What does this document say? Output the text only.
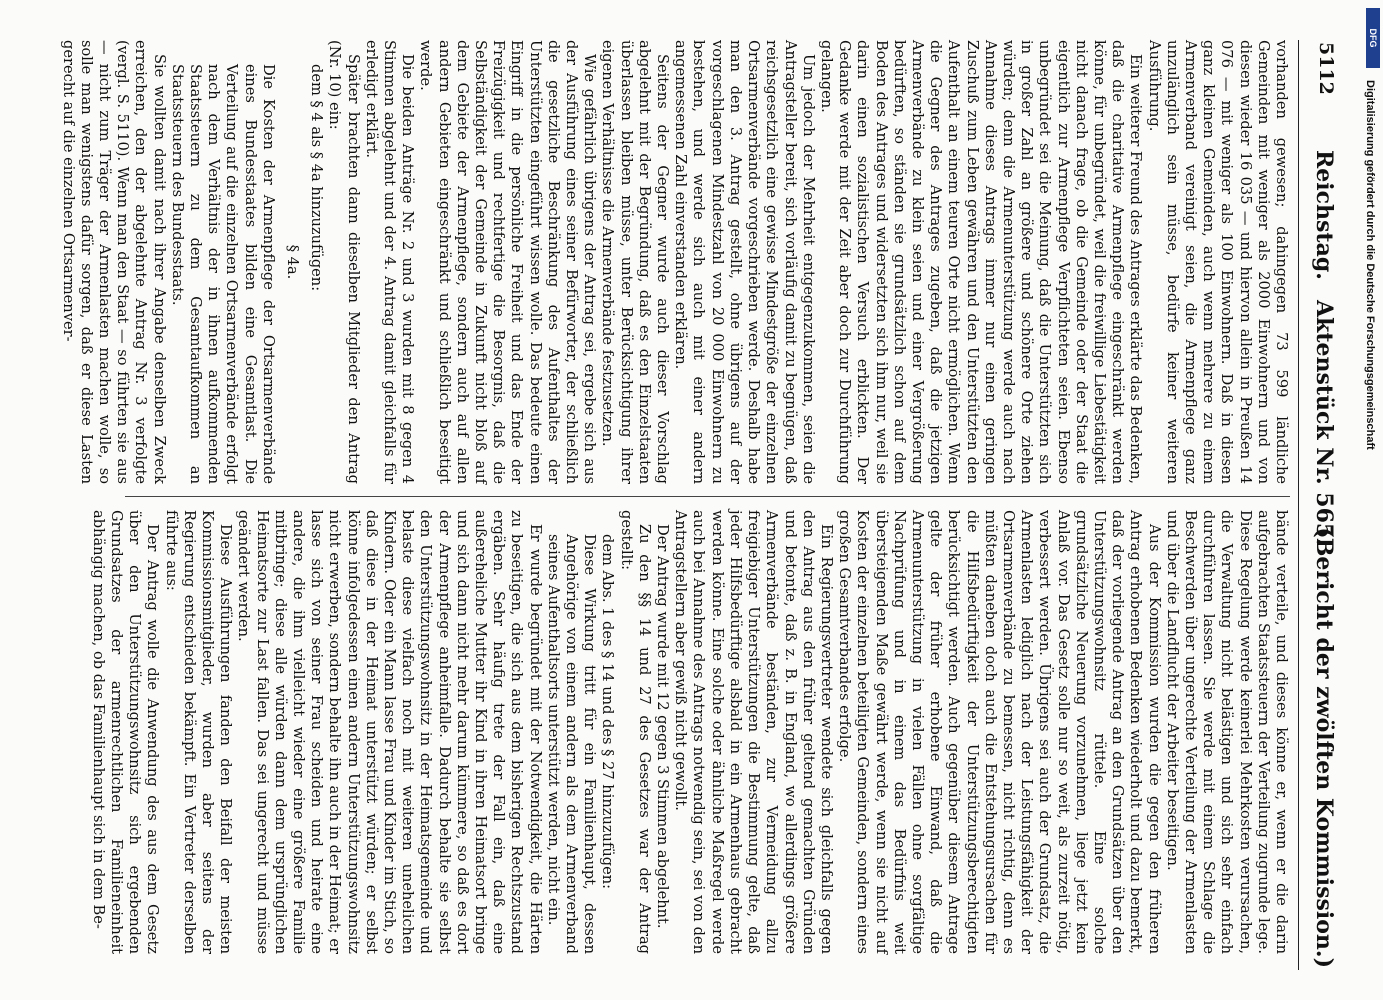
5112
Reichstag.
Aktenstück Nr. 565.
(Bericht der zwölften Kommission.)

vorhanden gewesen; dahingegen 73 599 ländliche Gemeinden mit weniger als 2000 Einwohnern und von diesen wieder 16 035 — und hiervon allein in Preußen 14 076 — mit weniger als 100 Einwohnern. Daß in diesen ganz kleinen Gemeinden, auch wenn mehrere zu einem Armenverband vereinigt seien, die Armenpflege ganz unzulänglich sein müsse, bedürfe keiner weiteren Ausführung.

Ein weiterer Freund des Antrages erklärte das Bedenken, daß die charitative Armenpflege eingeschränkt werden könne, für unbegründet, weil die freiwillige Liebestätigkeit nicht danach frage, ob die Gemeinde oder der Staat die eigentlich zur Armenpflege Verpflichteten seien. Ebenso unbegründet sei die Meinung, daß die Unterstützten sich in großer Zahl an größere und schönere Orte ziehen würden; denn die Armenunterstützung werde auch nach Annahme dieses Antrags immer nur einen geringen Zuschuß zum Leben gewähren und den Unterstützten den Aufenthalt an einem teuren Orte nicht ermöglichen. Wenn die Gegner des Antrages zugeben, daß die jetzigen Armenverbände zu klein seien und einer Vergrößerung bedürften, so ständen sie grundsätzlich schon auf dem Boden des Antrages und widersetzten sich ihm nur, weil sie darin einen sozialistischen Versuch erblickten. Der Gedanke werde mit der Zeit aber doch zur Durchführung gelangen.

Um jedoch der Mehrheit entgegenzukommen, seien die Antragsteller bereit, sich vorläufig damit zu begnügen, daß reichsgesetzlich eine gewisse Mindestgröße der einzelnen Ortsarmenverbände vorgeschrieben werde. Deshalb habe man den 3. Antrag gestellt, ohne übrigens auf der vorgeschlagenen Mindestzahl von 20 000 Einwohnern zu bestehen, und werde sich auch mit einer andern angemessenen Zahl einverstanden erklären.

Seitens der Gegner wurde auch dieser Vorschlag abgelehnt mit der Begründung, daß es den Einzelstaaten überlassen bleiben müsse, unter Berücksichtigung ihrer eigenen Verhältnisse die Armenverbände festzusetzen.

Wie gefährlich übrigens der Antrag sei, ergebe sich aus der Ausführung eines seiner Befürworter, der schließlich die gesetzliche Beschränkung des Aufenthaltes der Unterstützten eingeführt wissen wolle. Das bedeute einen Eingriff in die persönliche Freiheit und das Ende der Freizügigkeit und rechtfertige die Besorgnis, daß die Selbständigkeit der Gemeinde in Zukunft nicht bloß auf dem Gebiete der Armenpflege, sondern auch auf allen andern Gebieten eingeschränkt und schließlich beseitigt werde.

Die beiden Anträge Nr. 2 und 3 wurden mit 8 gegen 4 Stimmen abgelehnt und der 4. Antrag damit gleichfalls für erledigt erklärt.

Später brachten dann dieselben Mitglieder den Antrag (Nr. 10) ein:

dem § 4 als § 4a hinzuzufügen:

§ 4a.

Die Kosten der Armenpflege der Ortsarmenverbände eines Bundesstaates bilden eine Gesamtlast. Die Verteilung auf die einzelnen Ortsarmenverbände erfolgt nach dem Verhältnis der in ihnen aufkommenden Staatssteuern zu dem Gesamtaufkommen an Staatssteuern des Bundesstaats.

Sie wollten damit nach ihrer Angabe denselben Zweck erreichen, den der abgelehnte Antrag Nr. 3 verfolgte (vergl. S. 5110). Wenn man den Staat — so führten sie aus — nicht zum Träger der Armenlasten machen wolle, so solle man wenigstens dafür sorgen, daß er diese Lasten gerecht auf die einzelnen Ortsarmenver-

bände verteile, und dieses könne er, wenn er die darin aufgebrachten Staatssteuern der Verteilung zugrunde lege. Diese Regelung werde keinerlei Mehrkosten verursachen, die Verwaltung nicht belästigen und sich sehr einfach durchführen lassen. Sie werde mit einem Schlage die Beschwerden über ungerechte Verteilung der Armenlasten und über die Landflucht der Arbeiter beseitigen.

Aus der Kommission wurden die gegen den früheren Antrag erhobenen Bedenken wiederholt und dazu bemerkt, daß der vorliegende Antrag an den Grundsätzen über den Unterstützungswohnsitz rüttele. Eine solche grundsätzliche Neuerung vorzunehmen, liege jetzt kein Anlaß vor. Das Gesetz solle nur so weit, als zurzeit nötig, verbessert werden. Übrigens sei auch der Grundsatz, die Armenlasten lediglich nach der Leistungsfähigkeit der Ortsarmenverbände zu bemessen, nicht richtig, denn es müßten daneben doch auch die Entstehungsursachen für die Hilfsbedürftigkeit der Unterstützungsberechtigten berücksichtigt werden. Auch gegenüber diesem Antrage gelte der früher erhobene Einwand, daß die Armenunterstützung in vielen Fällen ohne sorgfältige Nachprüfung und in einem das Bedürfnis weit übersteigenden Maße gewährt werde, wenn sie nicht auf Kosten der einzelnen beteiligten Gemeinden, sondern eines großen Gesamtverbandes erfolge.

Ein Regierungsvertreter wendete sich gleichfalls gegen den Antrag aus den früher geltend gemachten Gründen und betonte, daß z. B. in England, wo allerdings größere Armenverbände beständen, zur Vermeidung allzu freigiebiger Unterstützungen die Bestimmung gelte, daß jeder Hilfsbedürftige alsbald in ein Armenhaus gebracht werden könne. Eine solche oder ähnliche Maßregel werde auch bei Annahme des Antrags notwendig sein, sei von den Antragstellern aber gewiß nicht gewollt.

Der Antrag wurde mit 12 gegen 3 Stimmen abgelehnt.

Zu den §§ 14 und 27 des Gesetzes war der Antrag gestellt:

dem Abs. 1 des § 14 und des § 27 hinzuzufügen:

Diese Wirkung tritt für ein Familienhaupt, dessen Angehörige von einem andern als dem Armenverband seines Aufenthaltsorts unterstützt werden, nicht ein.

Er wurde begründet mit der Notwendigkeit, die Härten zu beseitigen, die sich aus dem bisherigen Rechtszustand ergäben. Sehr häufig trete der Fall ein, daß eine außereheliche Mutter ihr Kind in ihren Heimatsort bringe und sich dann nicht mehr darum kümmere, so daß es dort der Armenpflege anheimfalle. Dadurch behalte sie selbst den Unterstützungswohnsitz in der Heimatsgemeinde und belaste diese vielfach noch mit weiteren unehelichen Kindern. Oder ein Mann lasse Frau und Kinder im Stich, so daß diese in der Heimat unterstützt würden; er selbst könne infolgedessen einen andern Unterstützungswohnsitz nicht erwerben, sondern behalte ihn auch in der Heimat; er lasse sich von seiner Frau scheiden und heirate eine andere, die ihm vielleicht wieder eine größere Familie mitbringe; diese alle würden dann dem ursprünglichen Heimatsorte zur Last fallen. Das sei ungerecht und müsse geändert werden.

Diese Ausführungen fanden den Beifall der meisten Kommissionsmitglieder, wurden aber seitens der Regierung entschieden bekämpft. Ein Vertreter derselben führte aus:

Der Antrag wolle die Anwendung des aus dem Gesetz über den Unterstützungswohnsitz sich ergebenden Grundsatzes der armenrechtlichen Familieneinheit abhängig machen, ob das Familienhaupt sich in dem Be-

Digitalisierung gefördert durch die Deutsche Forschungsgemeinschaft
DFG
